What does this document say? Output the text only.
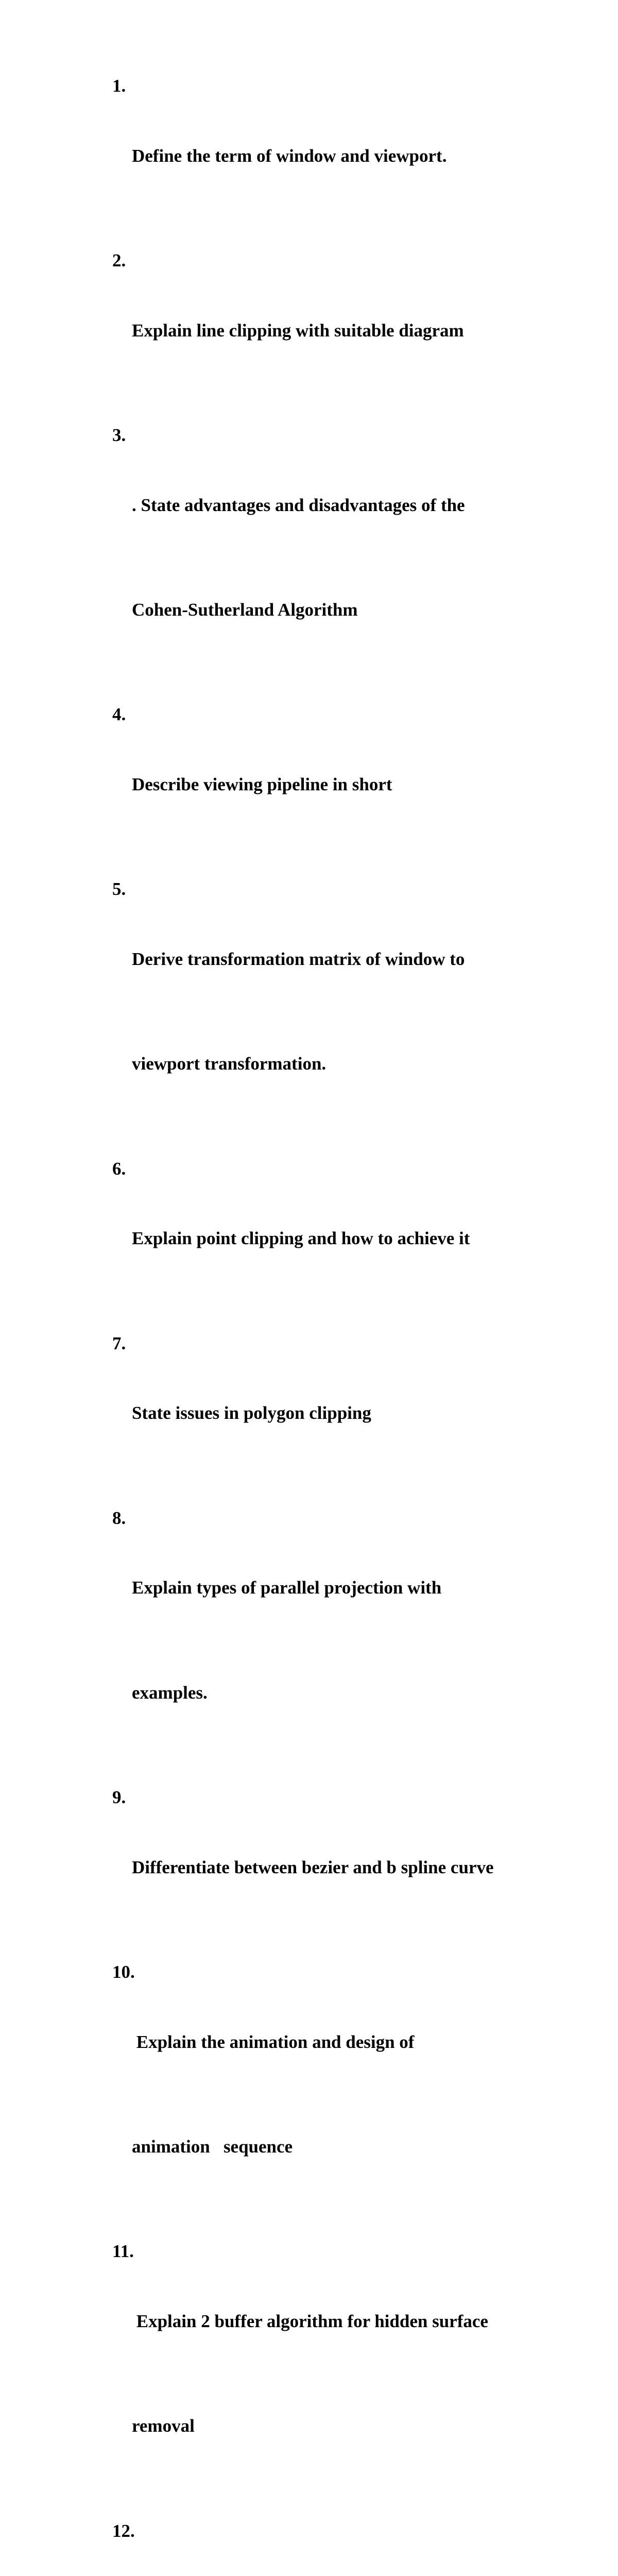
1.

Define the term of window and viewport.

2.

Explain line clipping with suitable diagram

3.

. State advantages and disadvantages of the

Cohen-Sutherland Algorithm

4.

Describe viewing pipeline in short

5.

Derive transformation matrix of window to

viewport transformation.

6.

Explain point clipping and how to achieve it

7.

State issues in polygon clipping

8.

Explain types of parallel projection with

examples.

9.

Differentiate between bezier and b spline curve

10.

Explain the animation and design of

animation   sequence

11.

Explain 2 buffer algorithm for hidden surface

removal

12.
